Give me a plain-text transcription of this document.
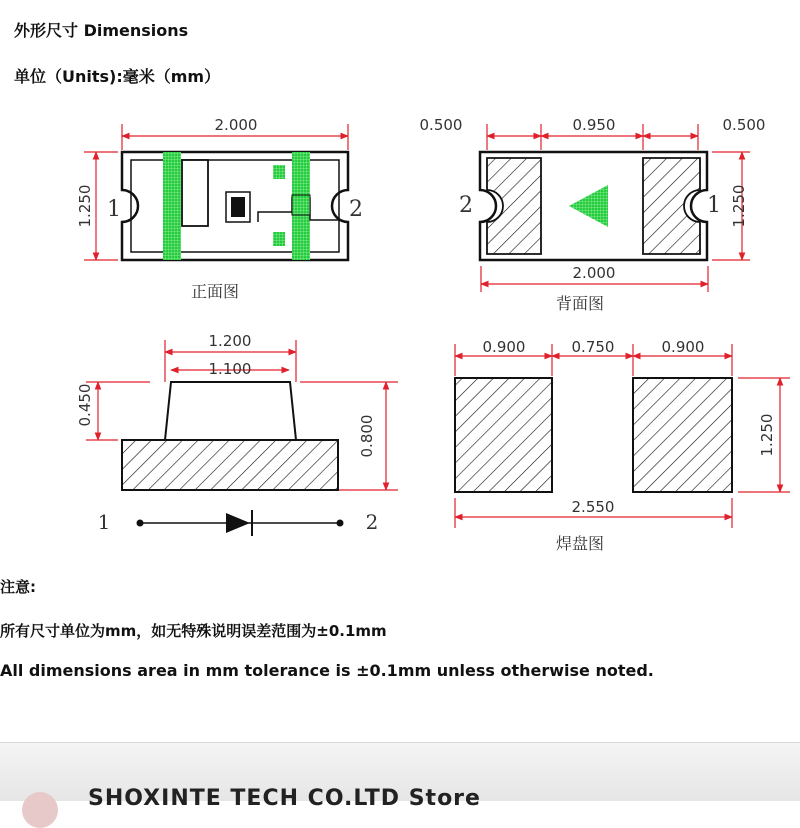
外形尺寸 Dimensions
单位（Units):毫米（mm）
2.000
1.250 1	2
0.500	0.950	0.500
1.250
2.000
2	1
1.200
1.100
0.450
0.800
1	2
0.900	0.750	0.900
1.250
2.550
正面图
背面图
焊盘图
注意:
所有尺寸单位为mm，如无特殊说明误差范围为±0.1mm
All dimensions area in mm tolerance is ±0.1mm unless otherwise noted.
SHOXINTE TECH CO.LTD Store
